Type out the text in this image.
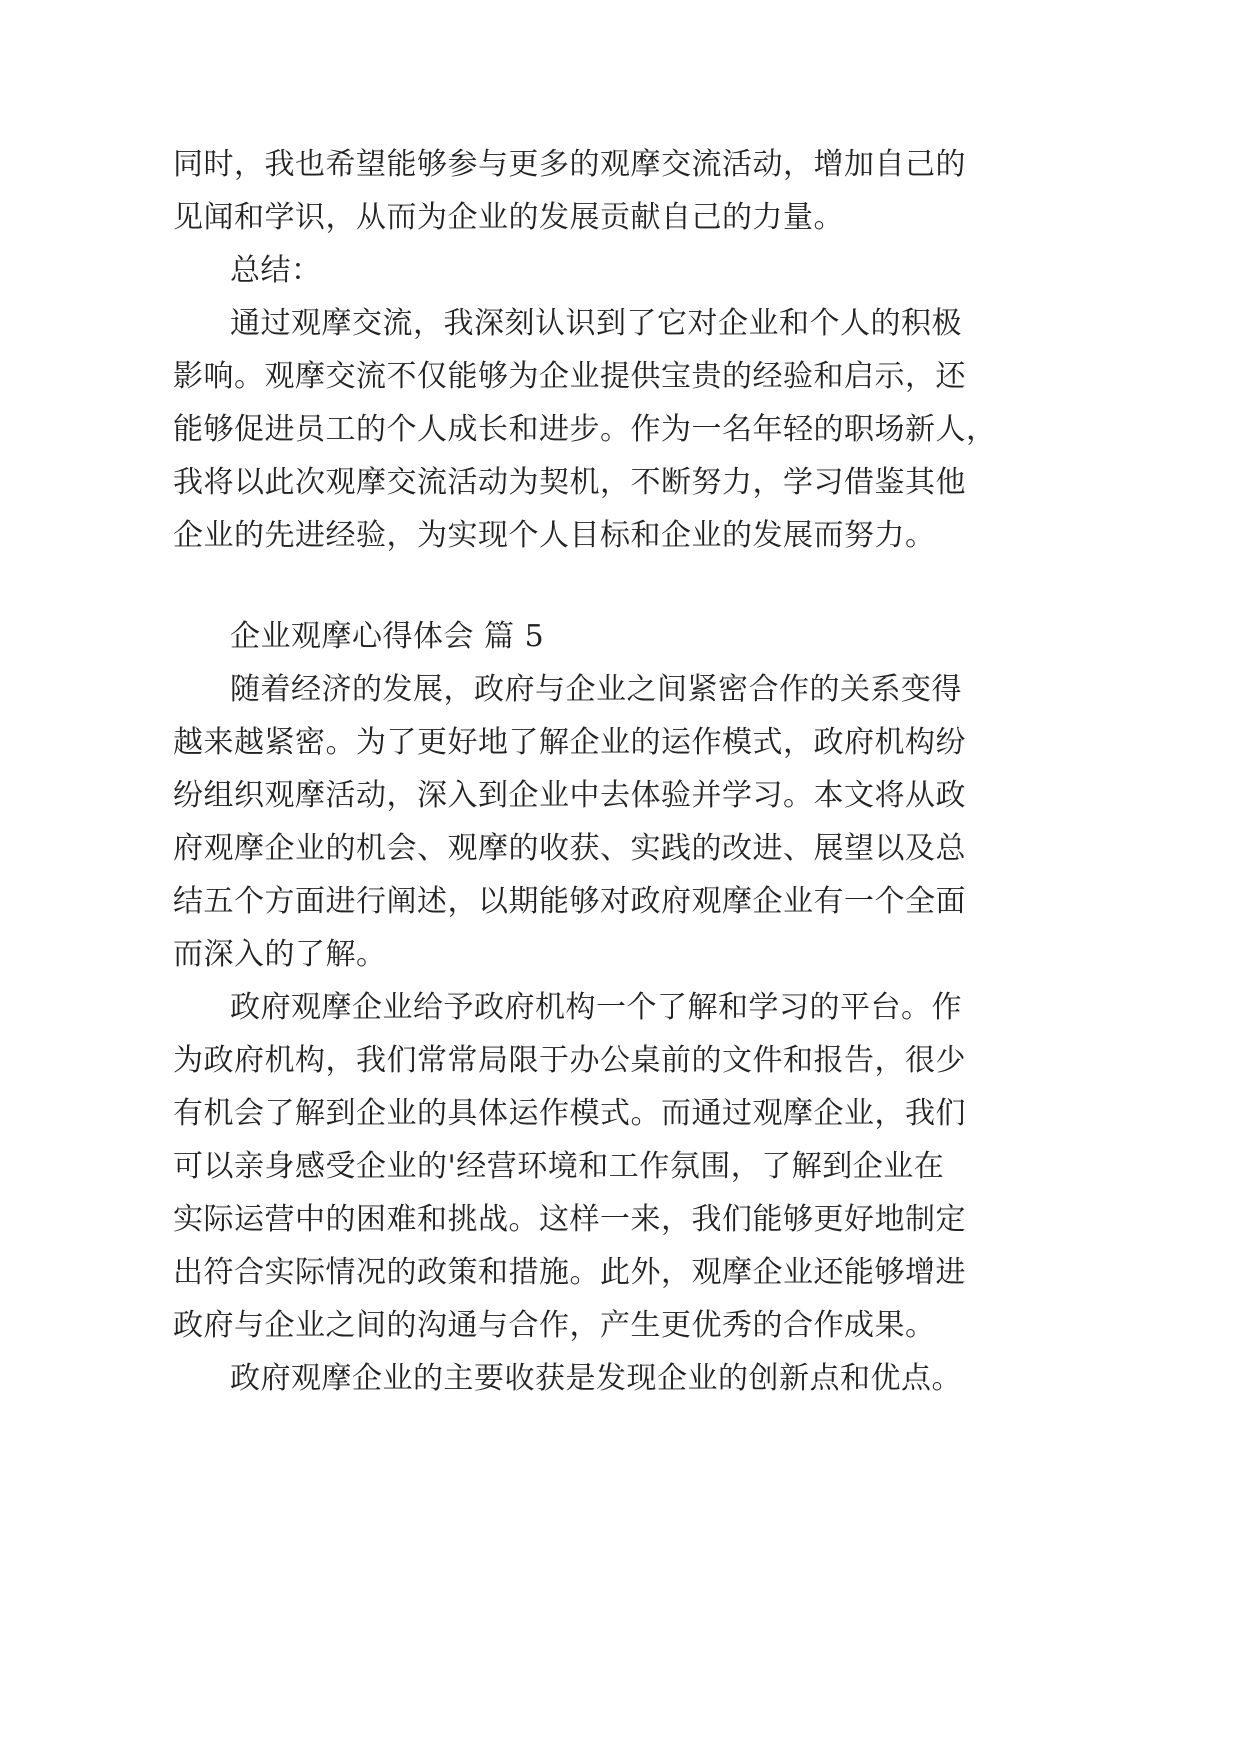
同时，我也希望能够参与更多的观摩交流活动，增加自己的
见闻和学识，从而为企业的发展贡献自己的力量。
总结：
通过观摩交流，我深刻认识到了它对企业和个人的积极
影响。观摩交流不仅能够为企业提供宝贵的经验和启示，还
能够促进员工的个人成长和进步。作为一名年轻的职场新人，
我将以此次观摩交流活动为契机，不断努力，学习借鉴其他
企业的先进经验，为实现个人目标和企业的发展而努力。
企业观摩心得体会 篇 5
随着经济的发展，政府与企业之间紧密合作的关系变得
越来越紧密。为了更好地了解企业的运作模式，政府机构纷
纷组织观摩活动，深入到企业中去体验并学习。本文将从政
府观摩企业的机会、观摩的收获、实践的改进、展望以及总
结五个方面进行阐述，以期能够对政府观摩企业有一个全面
而深入的了解。
政府观摩企业给予政府机构一个了解和学习的平台。作
为政府机构，我们常常局限于办公桌前的文件和报告，很少
有机会了解到企业的具体运作模式。而通过观摩企业，我们
可以亲身感受企业的'经营环境和工作氛围，了解到企业在
实际运营中的困难和挑战。这样一来，我们能够更好地制定
出符合实际情况的政策和措施。此外，观摩企业还能够增进
政府与企业之间的沟通与合作，产生更优秀的合作成果。
政府观摩企业的主要收获是发现企业的创新点和优点。
